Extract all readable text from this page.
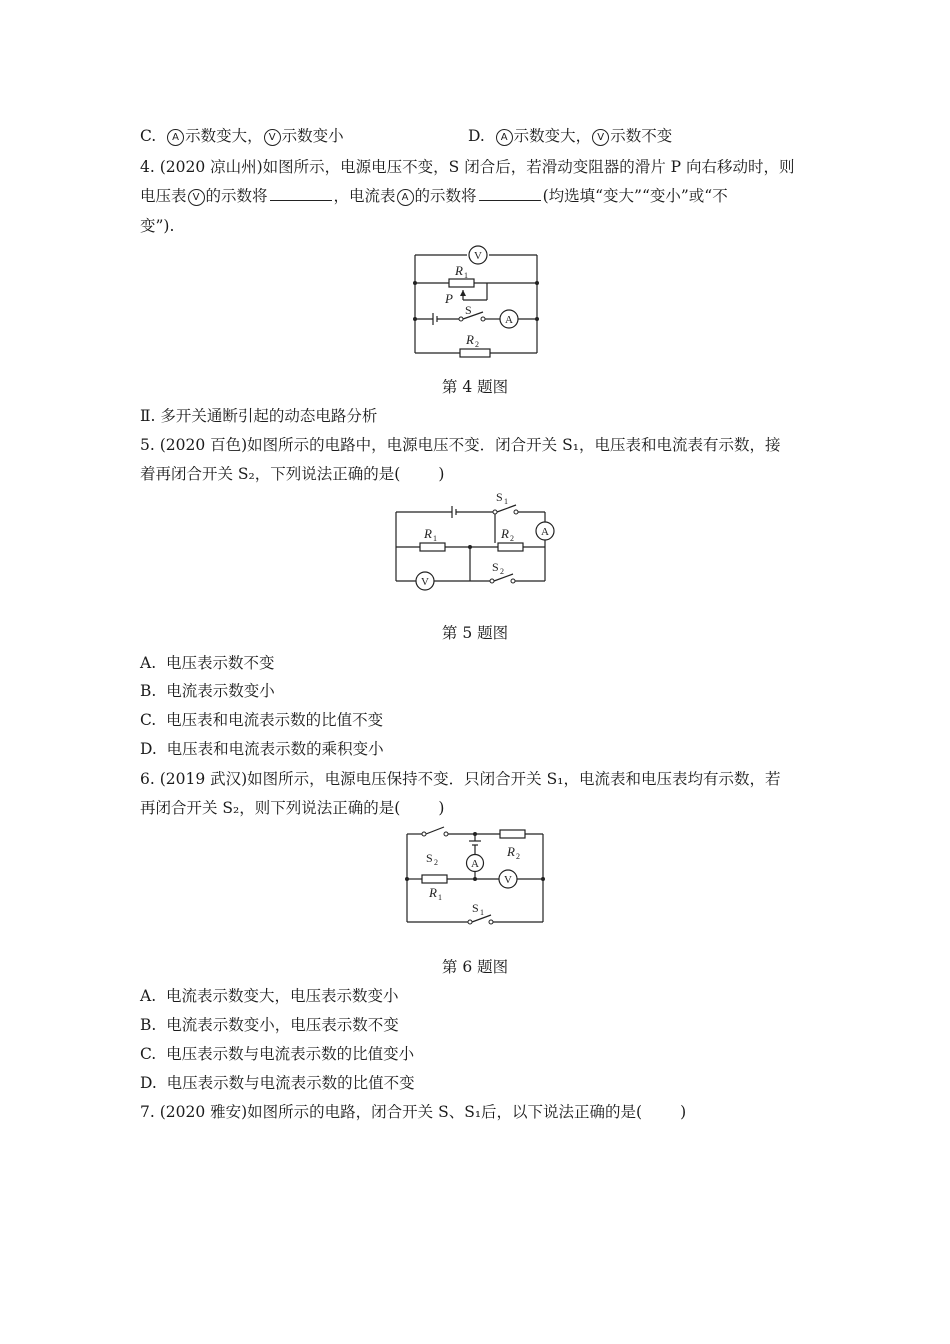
C. A 示数变大， V 示数变小	D. A 示数变大， V 示数不变
4. (2020 凉山州)如图所示，电源电压不变，S 闭合后，若滑动变阻器的滑片 P 向右移动时，则
电压表 V 的示数将	，电流表 A 的示数将	(均选填“变大”“变小”或“不
变”).
V
A
R 1
P
S
R 2
第 4 题图
Ⅱ. 多开关通断引起的动态电路分析
5. (2020 百色)如图所示的电路中，电源电压不变．闭合开关 S₁，电压表和电流表有示数，接
着再闭合开关 S₂，下列说法正确的是( )
A
V
S 1
R 1	R 2
S 2
第 5 题图
A. 电压表示数不变
B. 电流表示数变小
C. 电压表和电流表示数的比值不变
D. 电压表和电流表示数的乘积变小
6. (2019 武汉)如图所示，电源电压保持不变．只闭合开关 S₁，电流表和电压表均有示数，若
再闭合开关 S₂，则下列说法正确的是( )
A
V
S 2
R 2
R 1
S 1
第 6 题图
A. 电流表示数变大，电压表示数变小
B. 电流表示数变小，电压表示数不变
C. 电压表示数与电流表示数的比值变小
D. 电压表示数与电流表示数的比值不变
7. (2020 雅安)如图所示的电路，闭合开关 S、S₁后，以下说法正确的是( )
